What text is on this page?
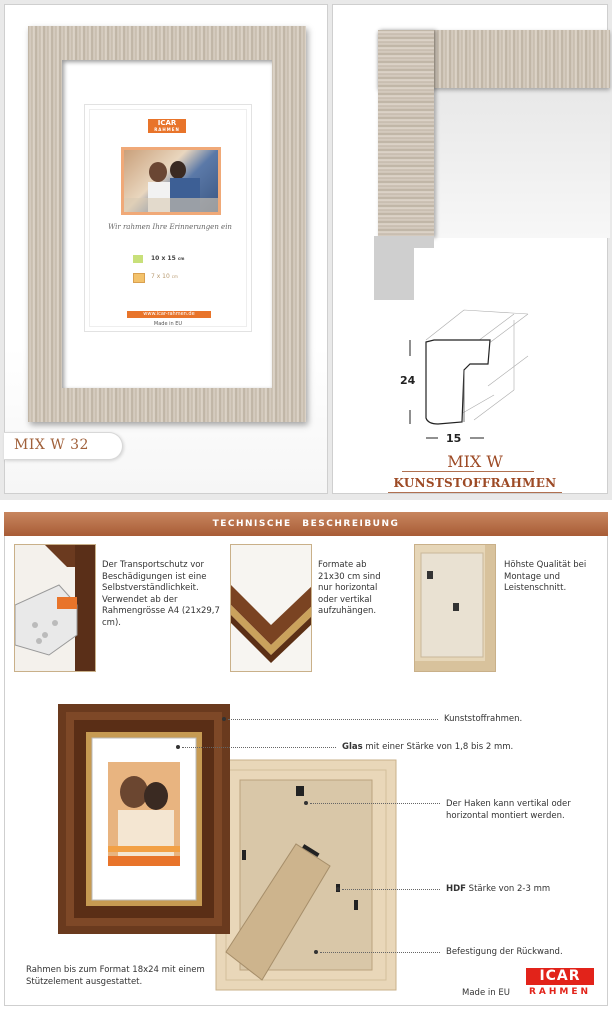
ICAR
RAHMEN
Wir rahmen Ihre Erinnerungen ein
10 x 15 cm
7 x 10 cm
www.icar-rahmen.de
Made in EU
MIX W 32
24
15
MIX W
KUNSTSTOFFRAHMEN
TECHNISCHE BESCHREIBUNG
Der Transportschutz vor Beschädigungen ist eine Selbstverständlichkeit. Verwendet ab der Rahmengrösse A4 (21x29,7 cm).
Formate ab 21x30 cm sind nur horizontal oder vertikal aufzuhängen.
Höhste Qualität bei Montage und Leistenschnitt.
Kunststoffrahmen.
Glas mit einer Stärke von 1,8 bis 2 mm.
Der Haken kann vertikal oder horizontal montiert werden.
HDF Stärke von 2-3 mm
Befestigung der Rückwand.
Rahmen bis zum Format 18x24 mit einem Stützelement ausgestattet.
Made in EU
ICAR
RAHMEN
